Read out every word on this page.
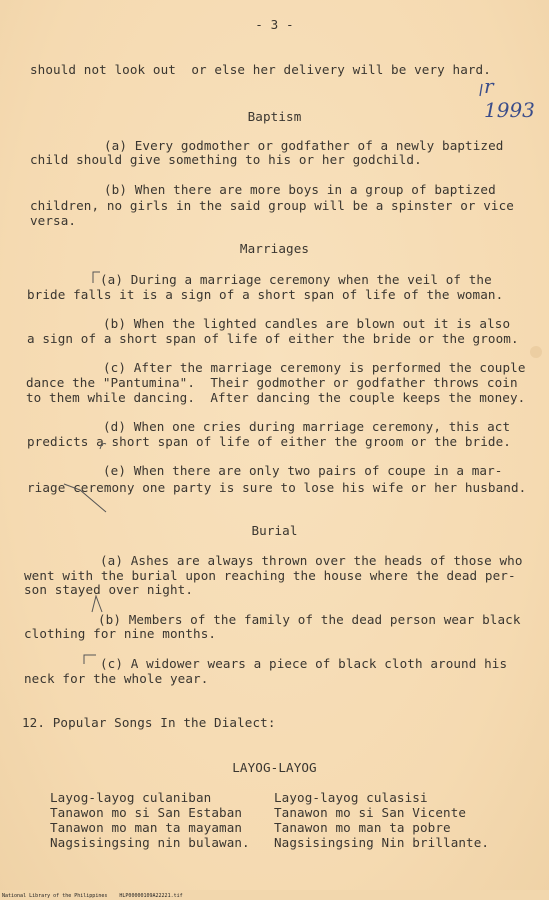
- 3 -
should not look out  or else her delivery will be very hard.
r 1993
Baptism
(a) Every godmother or godfather of a newly baptized
child should give something to his or her godchild.
(b) When there are more boys in a group of baptized
children, no girls in the said group will be a spinster or vice
versa.
Marriages
(a) During a marriage ceremony when the veil of the
bride falls it is a sign of a short span of life of the woman.
(b) When the lighted candles are blown out it is also
a sign of a short span of life of either the bride or the groom.
(c) After the marriage ceremony is performed the couple
dance the "Pantumina".  Their godmother or godfather throws coin
to them while dancing.  After dancing the couple keeps the money.
(d) When one cries during marriage ceremony, this act
predicts a short span of life of either the groom or the bride.
(e) When there are only two pairs of coupe in a mar-
riage ceremony one party is sure to lose his wife or her husband.
Burial
(a) Ashes are always thrown over the heads of those who
went with the burial upon reaching the house where the dead per-
son stayed over night.
(b) Members of the family of the dead person wear black
clothing for nine months.
(c) A widower wears a piece of black cloth around his
neck for the whole year.
12. Popular Songs In the Dialect:
LAYOG-LAYOG
Layog-layog culaniban
Tanawon mo si San Estaban
Tanawon mo man ta mayaman
Nagsisingsing nin bulawan.
Layog-layog culasisi
Tanawon mo si San Vicente
Tanawon mo man ta pobre
Nagsisingsing Nin brillante.
National Library of the Philippines    HLP00000109A22221.tif
